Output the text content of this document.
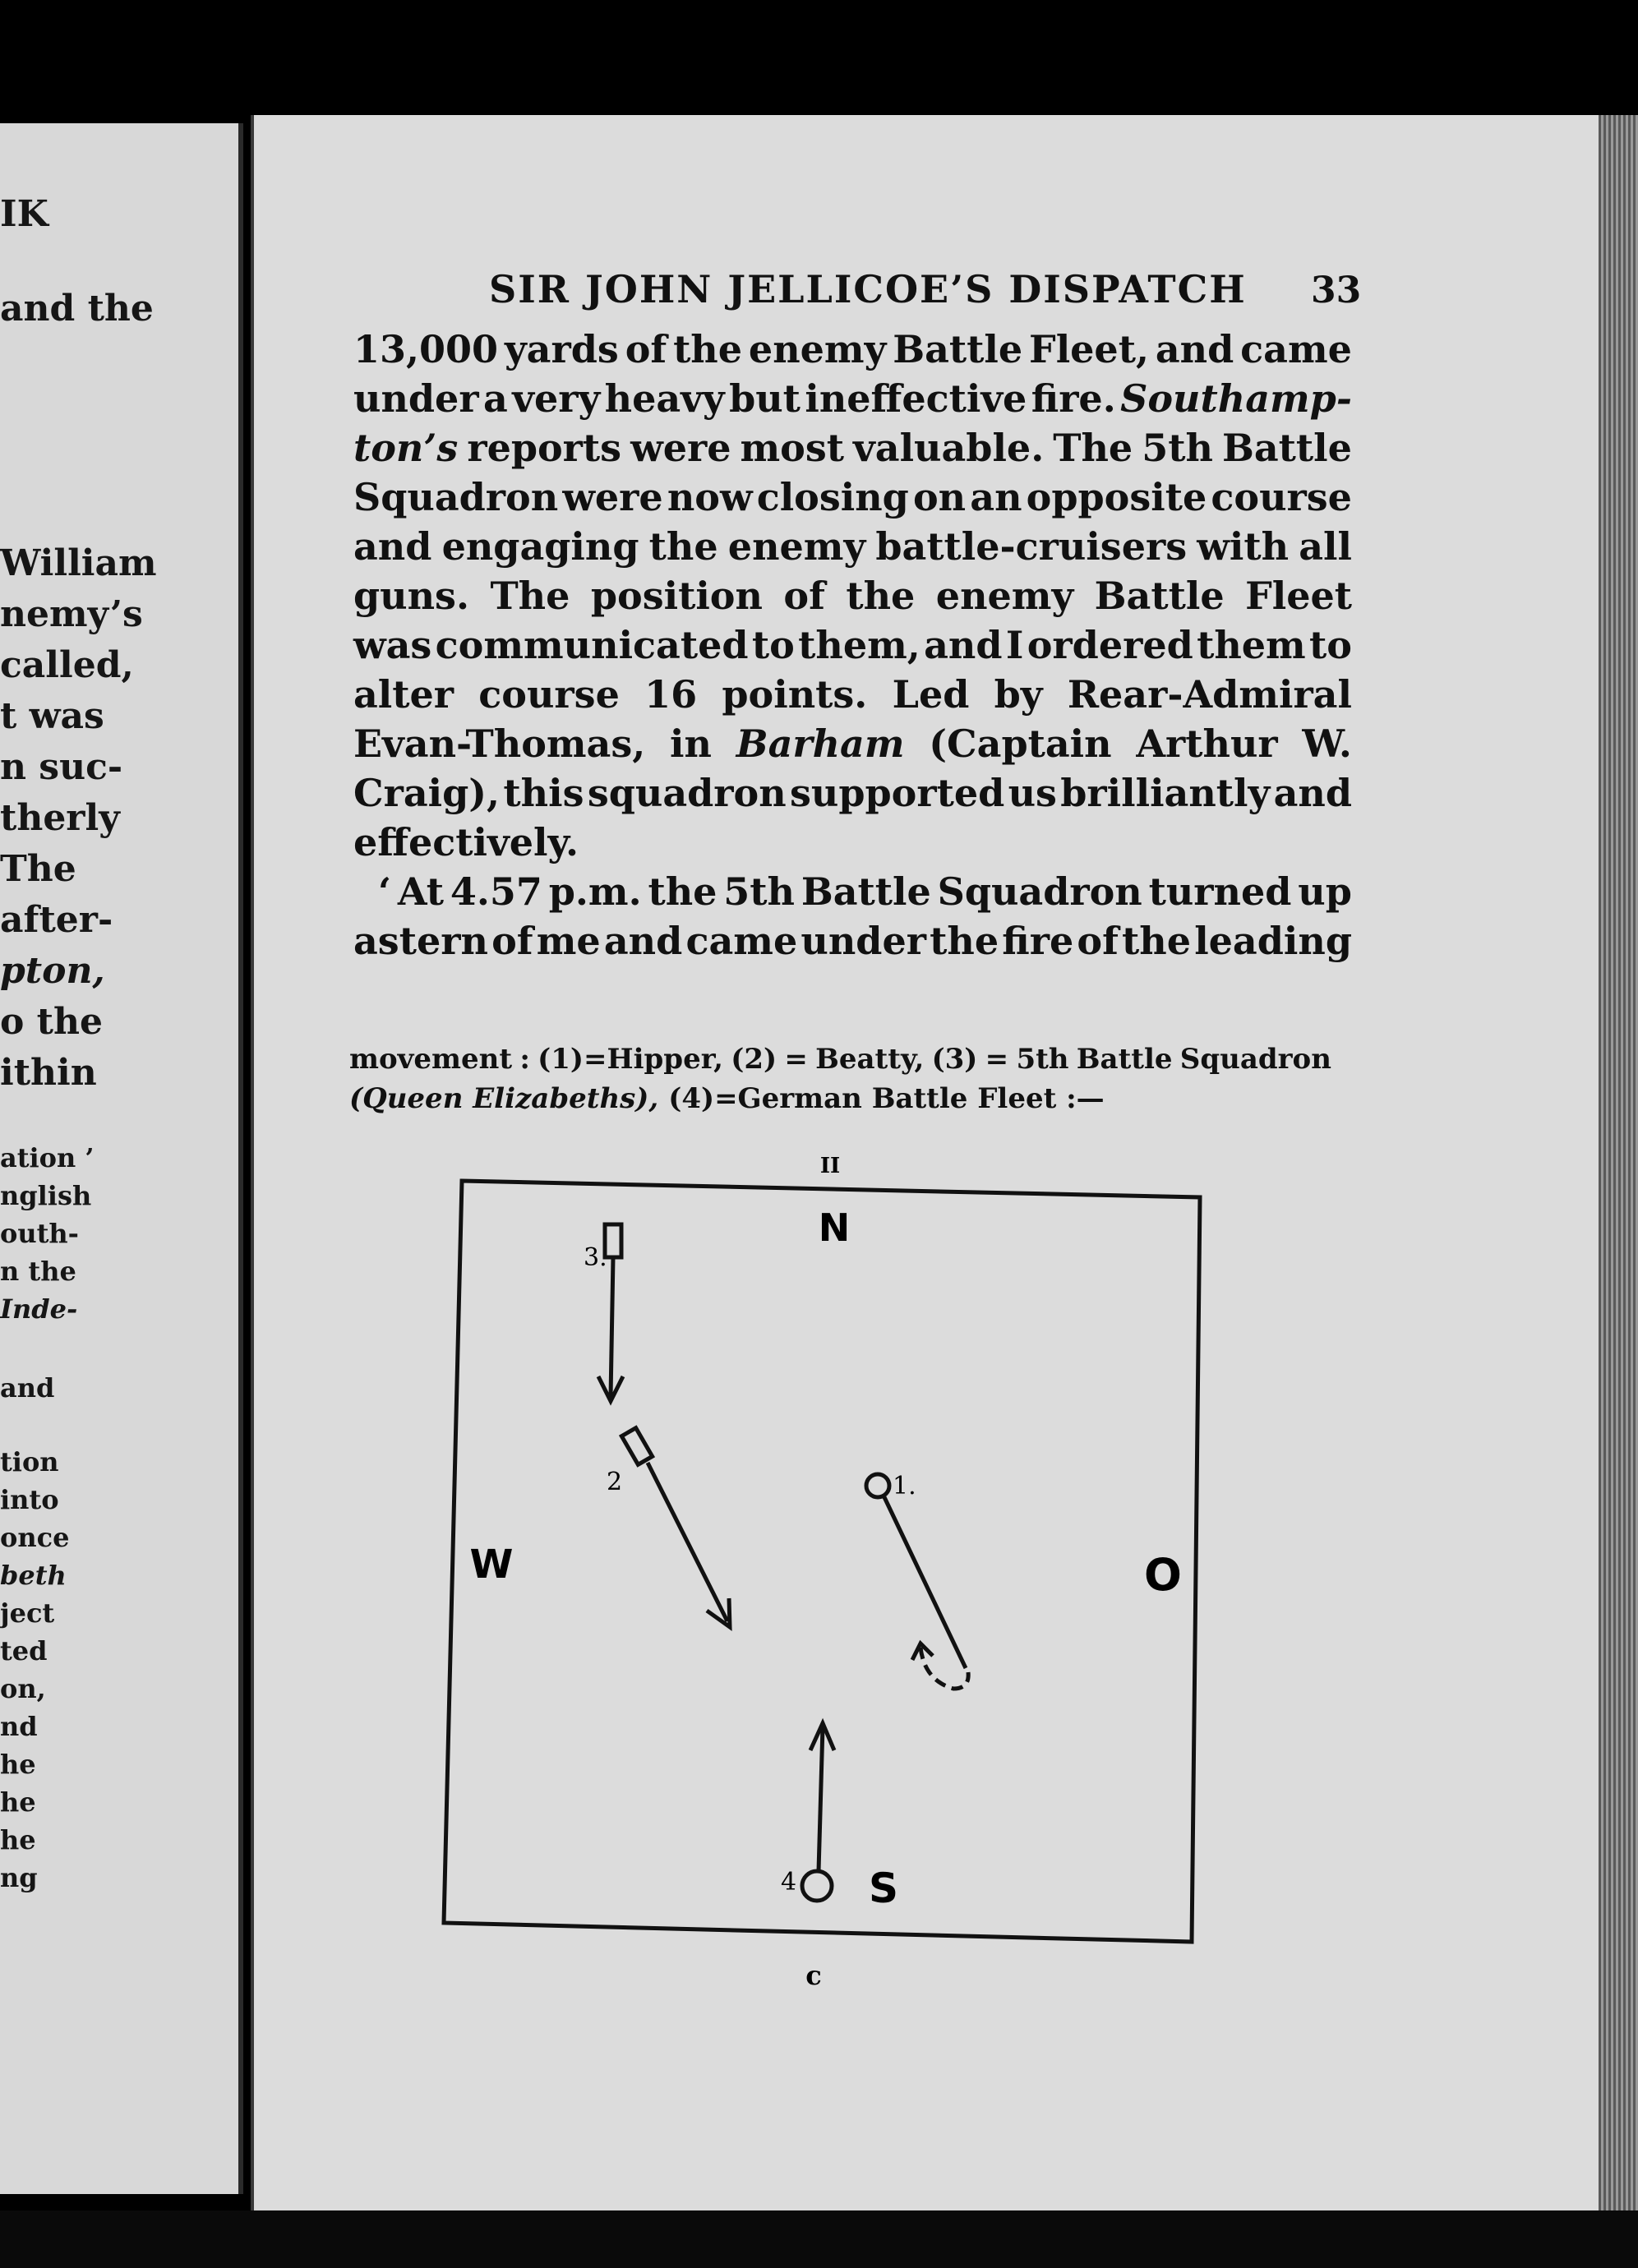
IK
and the
William
nemy’s
called,
t was
n suc-
therly
The
after-
pton,
o the
ithin
ation ’
nglish
outh-
n the
Inde-
and
tion
into
once
beth
ject
ted
on,
nd
he
he
he
ng
SIR JOHN JELLICOE’S DISPATCH	33
13,000 yards of the enemy Battle Fleet, and came
under a very heavy but ineffective fire. Southamp-
ton’s reports were most valuable. The 5th Battle
Squadron were now closing on an opposite course
and engaging the enemy battle-cruisers with all
guns. The position of the enemy Battle Fleet
was communicated to them, and I ordered them to
alter course 16 points. Led by Rear-Admiral
Evan-Thomas, in Barham (Captain Arthur W.
Craig), this squadron supported us brilliantly and
effectively.
‘ At 4.57 p.m. the 5th Battle Squadron turned up
astern of me and came under the fire of the leading
movement : (1)=Hipper, (2) = Beatty, (3) = 5th Battle Squadron
(Queen Elizabeths), (4)=German Battle Fleet :—
II
c
N
S
W	O
3.
2	1.
4
